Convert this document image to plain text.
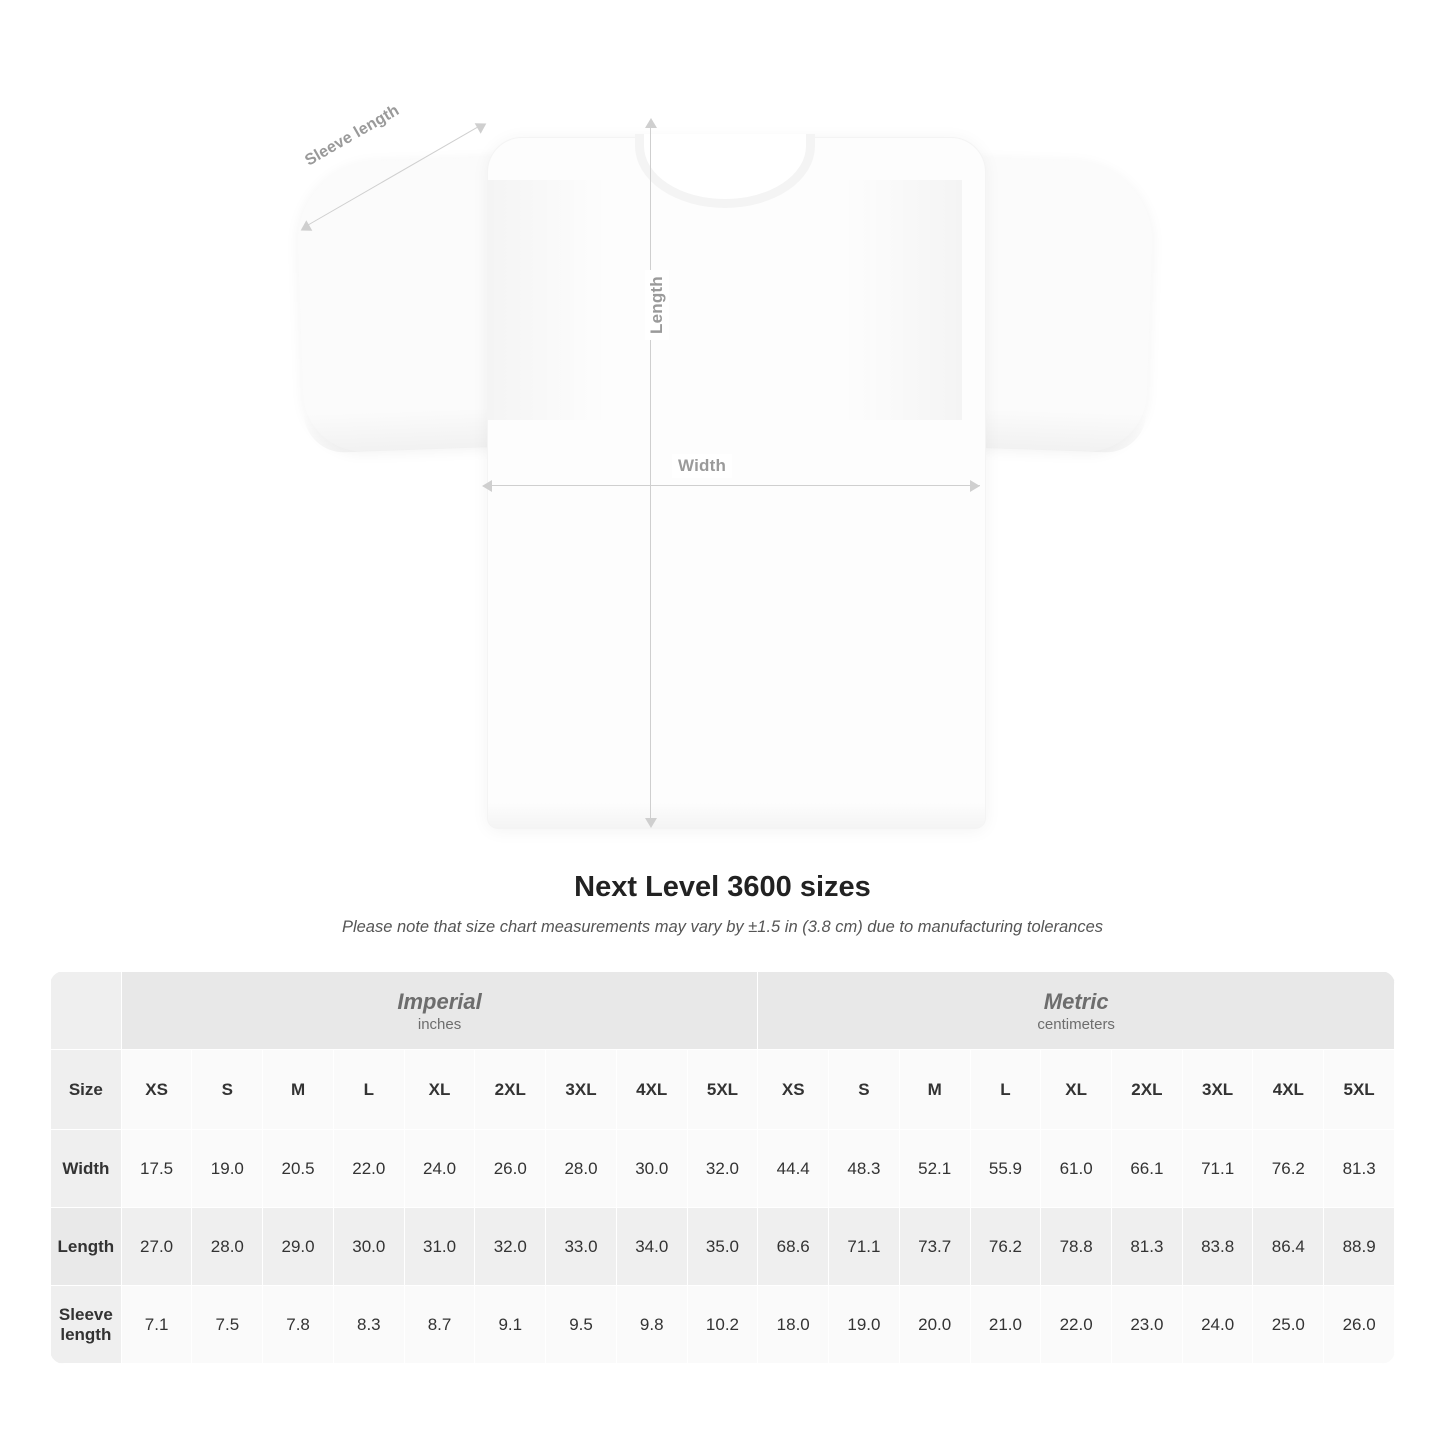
Length
Width
Sleeve length
Next Level 3600 sizes

Please note that size chart measurements may vary by ±1.5 in (3.8 cm) due to manufacturing tolerances

Imperial
inches

Metric
centimeters

Size	XS	S	M	L	XL	2XL	3XL	4XL	5XL	XS	S	M	L	XL	2XL	3XL	4XL	5XL
Width	17.5	19.0	20.5	22.0	24.0	26.0	28.0	30.0	32.0	44.4	48.3	52.1	55.9	61.0	66.1	71.1	76.2	81.3
Length	27.0	28.0	29.0	30.0	31.0	32.0	33.0	34.0	35.0	68.6	71.1	73.7	76.2	78.8	81.3	83.8	86.4	88.9
Sleeve length	7.1	7.5	7.8	8.3	8.7	9.1	9.5	9.8	10.2	18.0	19.0	20.0	21.0	22.0	23.0	24.0	25.0	26.0
